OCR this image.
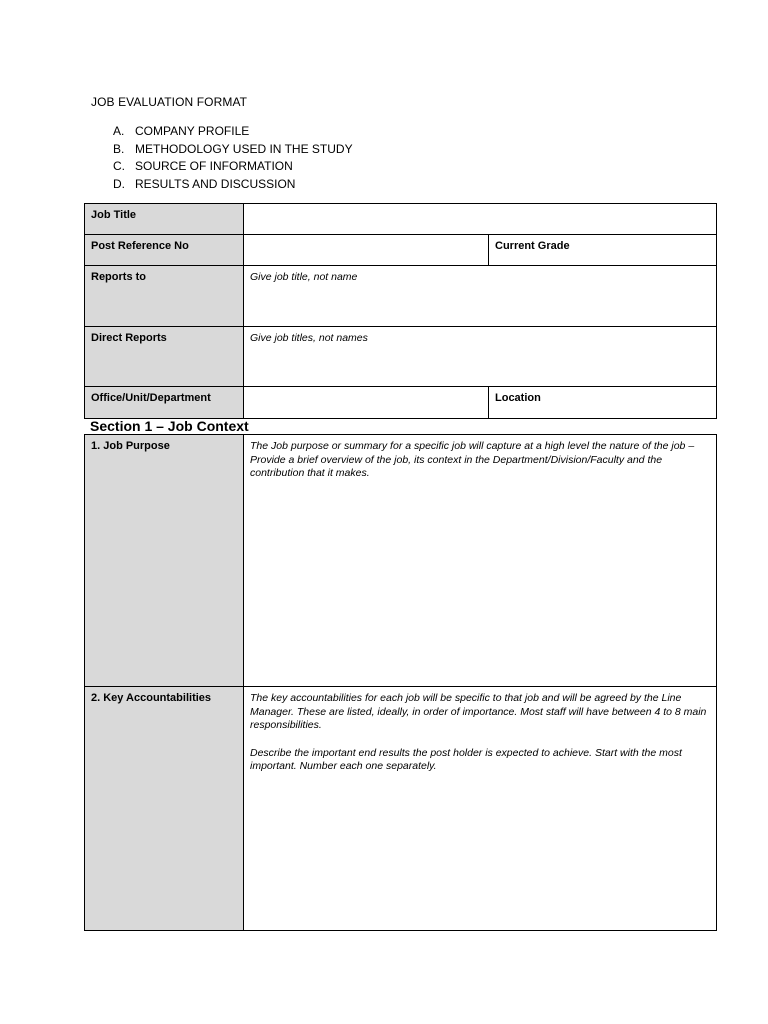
JOB EVALUATION FORMAT
A. COMPANY PROFILE
B. METHODOLOGY USED IN THE STUDY
C. SOURCE OF INFORMATION
D. RESULTS AND DISCUSSION
Job Title		
Post Reference No		Current Grade
Reports to	Give job title, not name	
Direct Reports	Give job titles, not names	
Office/Unit/Department		Location
Section 1 – Job Context
1. Job Purpose	The Job purpose or summary for a specific job will capture at a high level the nature of the job – Provide a brief overview of the job, its context in the Department/Division/Faculty and the contribution that it makes.

2. Key Accountabilities	The key accountabilities for each job will be specific to that job and will be agreed by the Line Manager. These are listed, ideally, in order of importance. Most staff will have between 4 to 8 main responsibilities.

Describe the important end results the post holder is expected to achieve. Start with the most important. Number each one separately.
